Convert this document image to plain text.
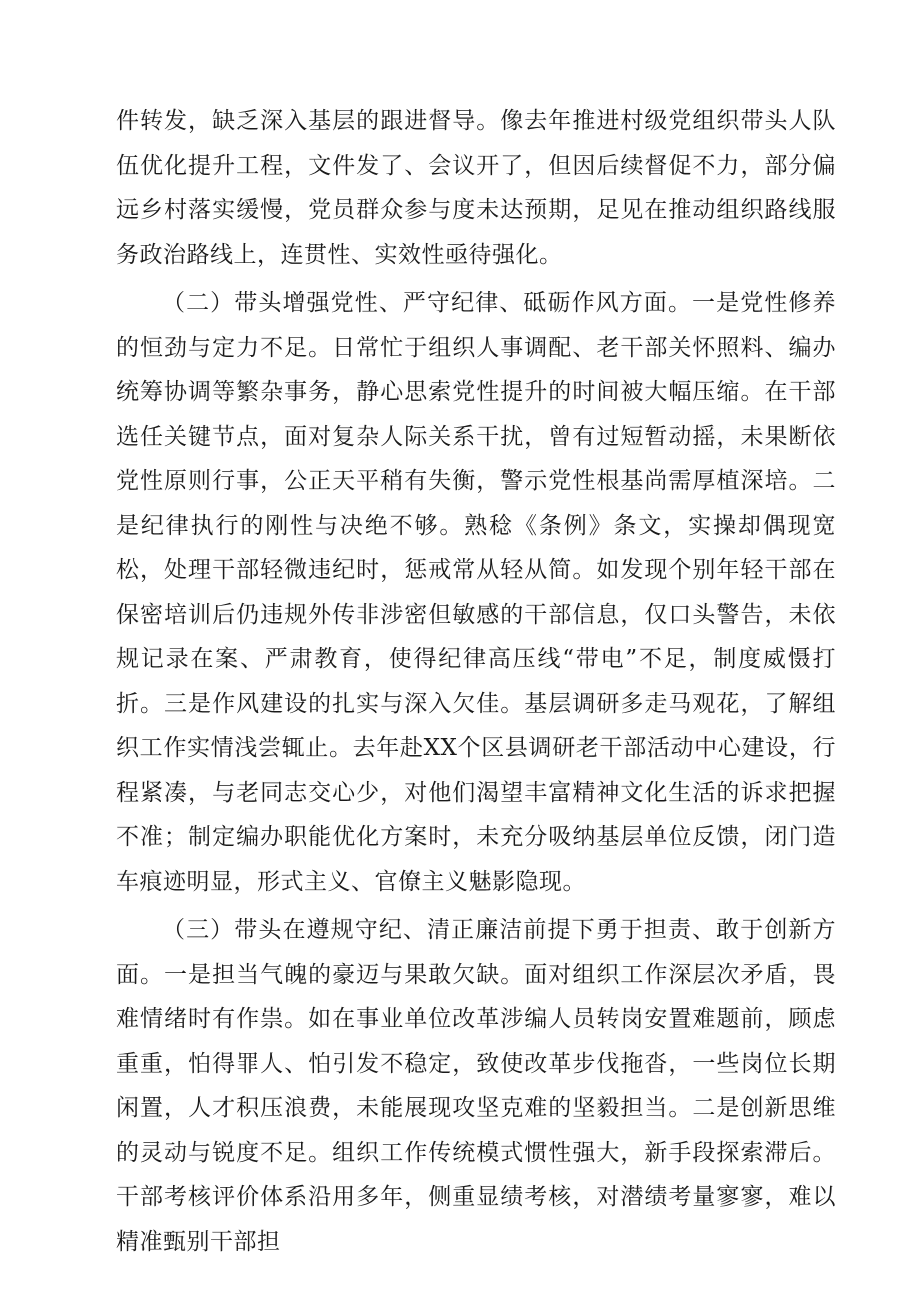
件转发，缺乏深入基层的跟进督导。像去年推进村级党组织带头人队伍优化提升工程，文件发了、会议开了，但因后续督促不力，部分偏远乡村落实缓慢，党员群众参与度未达预期，足见在推动组织路线服务政治路线上，连贯性、实效性亟待强化。

（二）带头增强党性、严守纪律、砥砺作风方面。一是党性修养的恒劲与定力不足。日常忙于组织人事调配、老干部关怀照料、编办统筹协调等繁杂事务，静心思索党性提升的时间被大幅压缩。在干部选任关键节点，面对复杂人际关系干扰，曾有过短暂动摇，未果断依党性原则行事，公正天平稍有失衡，警示党性根基尚需厚植深培。二是纪律执行的刚性与决绝不够。熟稔《条例》条文，实操却偶现宽松，处理干部轻微违纪时，惩戒常从轻从简。如发现个别年轻干部在保密培训后仍违规外传非涉密但敏感的干部信息，仅口头警告，未依规记录在案、严肃教育，使得纪律高压线“带电”不足，制度威慑打折。三是作风建设的扎实与深入欠佳。基层调研多走马观花，了解组织工作实情浅尝辄止。去年赴XX个区县调研老干部活动中心建设，行程紧凑，与老同志交心少，对他们渴望丰富精神文化生活的诉求把握不准；制定编办职能优化方案时，未充分吸纳基层单位反馈，闭门造车痕迹明显，形式主义、官僚主义魅影隐现。

（三）带头在遵规守纪、清正廉洁前提下勇于担责、敢于创新方面。一是担当气魄的豪迈与果敢欠缺。面对组织工作深层次矛盾，畏难情绪时有作祟。如在事业单位改革涉编人员转岗安置难题前，顾虑重重，怕得罪人、怕引发不稳定，致使改革步伐拖沓，一些岗位长期闲置，人才积压浪费，未能展现攻坚克难的坚毅担当。二是创新思维的灵动与锐度不足。组织工作传统模式惯性强大，新手段探索滞后。干部考核评价体系沿用多年，侧重显绩考核，对潜绩考量寥寥，难以精准甄别干部担
